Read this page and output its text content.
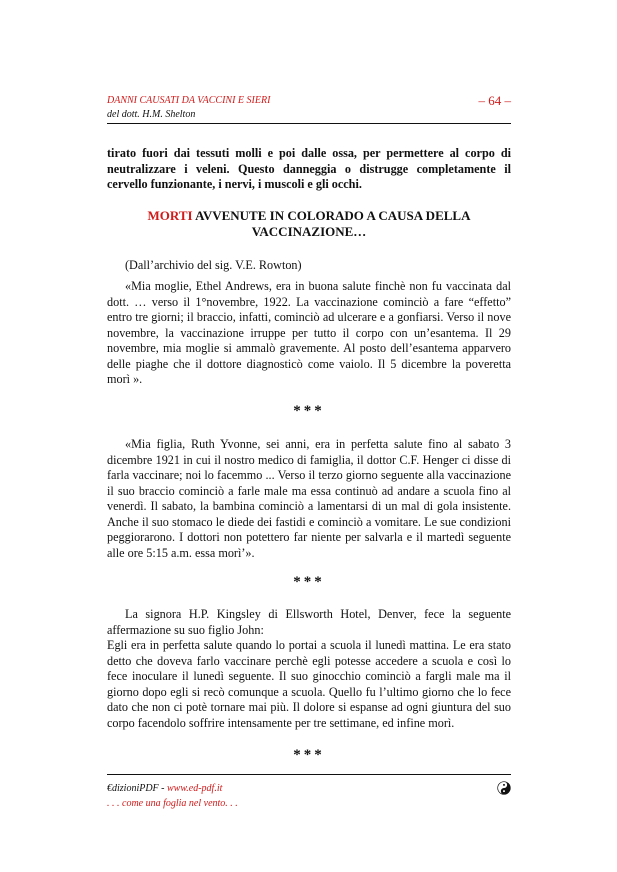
DANNI CAUSATI DA VACCINI E SIERI
del dott. H.M. Shelton
– 64 –

tirato fuori dai tessuti molli e poi dalle ossa, per permettere al corpo di neutralizzare i veleni. Questo danneggia o distrugge completamente il cervello funzionante, i nervi, i muscoli e gli occhi.

MORTI AVVENUTE IN COLORADO A CAUSA DELLA VACCINAZIONE…

(Dall’archivio del sig. V.E. Rowton)

«Mia moglie, Ethel Andrews, era in buona salute finchè non fu vaccinata dal dott. … verso il 1°novembre, 1922. La vaccinazione cominciò a fare “effetto” entro tre giorni; il braccio, infatti, cominciò ad ulcerare e a gonfiarsi. Verso il nove novembre, la vaccinazione irruppe per tutto il corpo con un’esantema. Il 29 novembre, mia moglie si ammalò gravemente. Al posto dell’esantema apparvero delle piaghe che il dottore diagnosticò come vaiolo. Il 5 dicembre la poveretta morì ».

***

«Mia figlia, Ruth Yvonne, sei anni, era in perfetta salute fino al sabato 3 dicembre 1921 in cui il nostro medico di famiglia, il dottor C.F. Henger ci disse di farla vaccinare; noi lo facemmo ... Verso il terzo giorno seguente alla vaccinazione il suo braccio cominciò a farle male ma essa continuò ad andare a scuola fino al venerdì. Il sabato, la bambina cominciò a lamentarsi di un mal di gola insistente. Anche il suo stomaco le diede dei fastidi e cominciò a vomitare. Le sue condizioni peggiorarono. I dottori non potettero far niente per salvarla e il martedì seguente alle ore 5:15 a.m. essa morì’».

***

La signora H.P. Kingsley di Ellsworth Hotel, Denver, fece la seguente affermazione su suo figlio John:

Egli era in perfetta salute quando lo portai a scuola il lunedì mattina. Le era stato detto che doveva farlo vaccinare perchè egli potesse accedere a scuola e così lo fece inoculare il lunedì seguente. Il suo ginocchio cominciò a fargli male ma il giorno dopo egli si recò comunque a scuola. Quello fu l’ultimo giorno che lo fece dato che non ci potè tornare mai più. Il dolore si espanse ad ogni giuntura del suo corpo facendolo soffrire intensamente per tre settimane, ed infine morì.

***
€dizioniPDF - www.ed-pdf.it
. . . come una foglia nel vento. . .
